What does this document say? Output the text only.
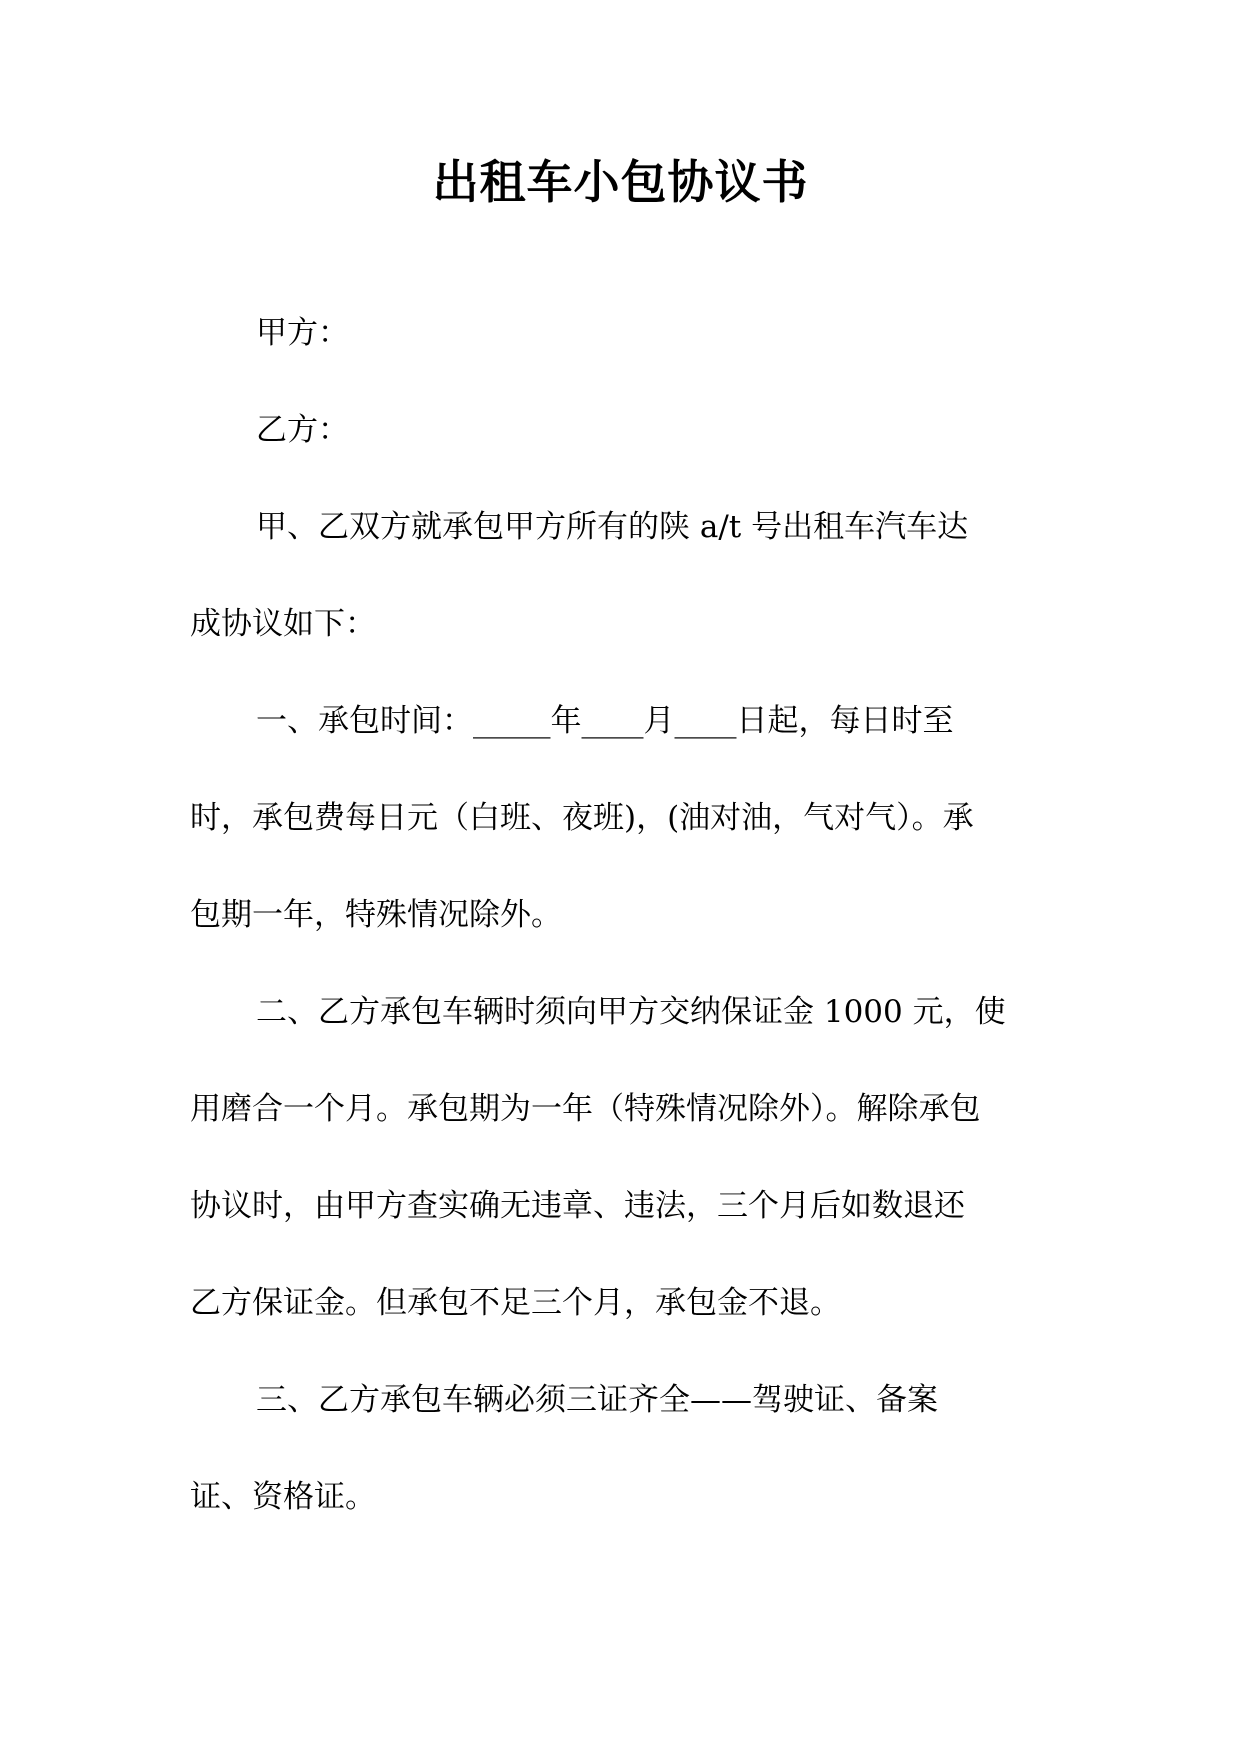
出租车小包协议书
甲方：
乙方：
甲、乙双方就承包甲方所有的陕 a/t 号出租车汽车达
成协议如下：
一、承包时间：_____年____月____日起，每日时至
时，承包费每日元（白班、夜班)，(油对油，气对气）。承
包期一年，特殊情况除外。
二、乙方承包车辆时须向甲方交纳保证金 1000 元，使
用磨合一个月。承包期为一年（特殊情况除外）。解除承包
协议时，由甲方查实确无违章、违法，三个月后如数退还
乙方保证金。但承包不足三个月，承包金不退。
三、乙方承包车辆必须三证齐全——驾驶证、备案
证、资格证。
